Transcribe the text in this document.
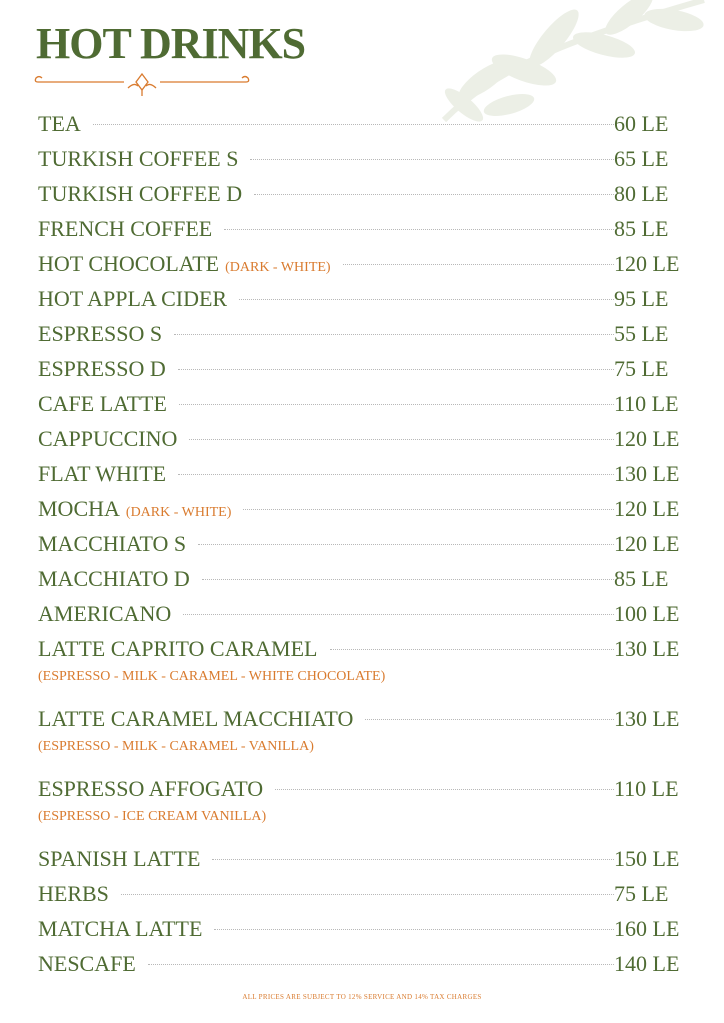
HOT DRINKS
TEA	60 LE
TURKISH COFFEE S	65 LE
TURKISH COFFEE D	80 LE
FRENCH COFFEE	85 LE
HOT CHOCOLATE (DARK - WHITE)	120 LE
HOT APPLA CIDER	95 LE
ESPRESSO S	55 LE
ESPRESSO D	75 LE
CAFE LATTE	110 LE
CAPPUCCINO	120 LE
FLAT WHITE	130 LE
MOCHA (DARK - WHITE)	120 LE
MACCHIATO S	120 LE
MACCHIATO D	85 LE
AMERICANO	100 LE
LATTE CAPRITO CARAMEL	130 LE
(ESPRESSO - MILK - CARAMEL - WHITE CHOCOLATE)
LATTE CARAMEL MACCHIATO	130 LE
(ESPRESSO - MILK - CARAMEL - VANILLA)
ESPRESSO AFFOGATO	110 LE
(ESPRESSO - ICE CREAM VANILLA)
SPANISH LATTE	150 LE
HERBS	75 LE
MATCHA LATTE	160 LE
NESCAFE	140 LE
ALL PRICES ARE SUBJECT TO 12% SERVICE AND 14% TAX CHARGES
